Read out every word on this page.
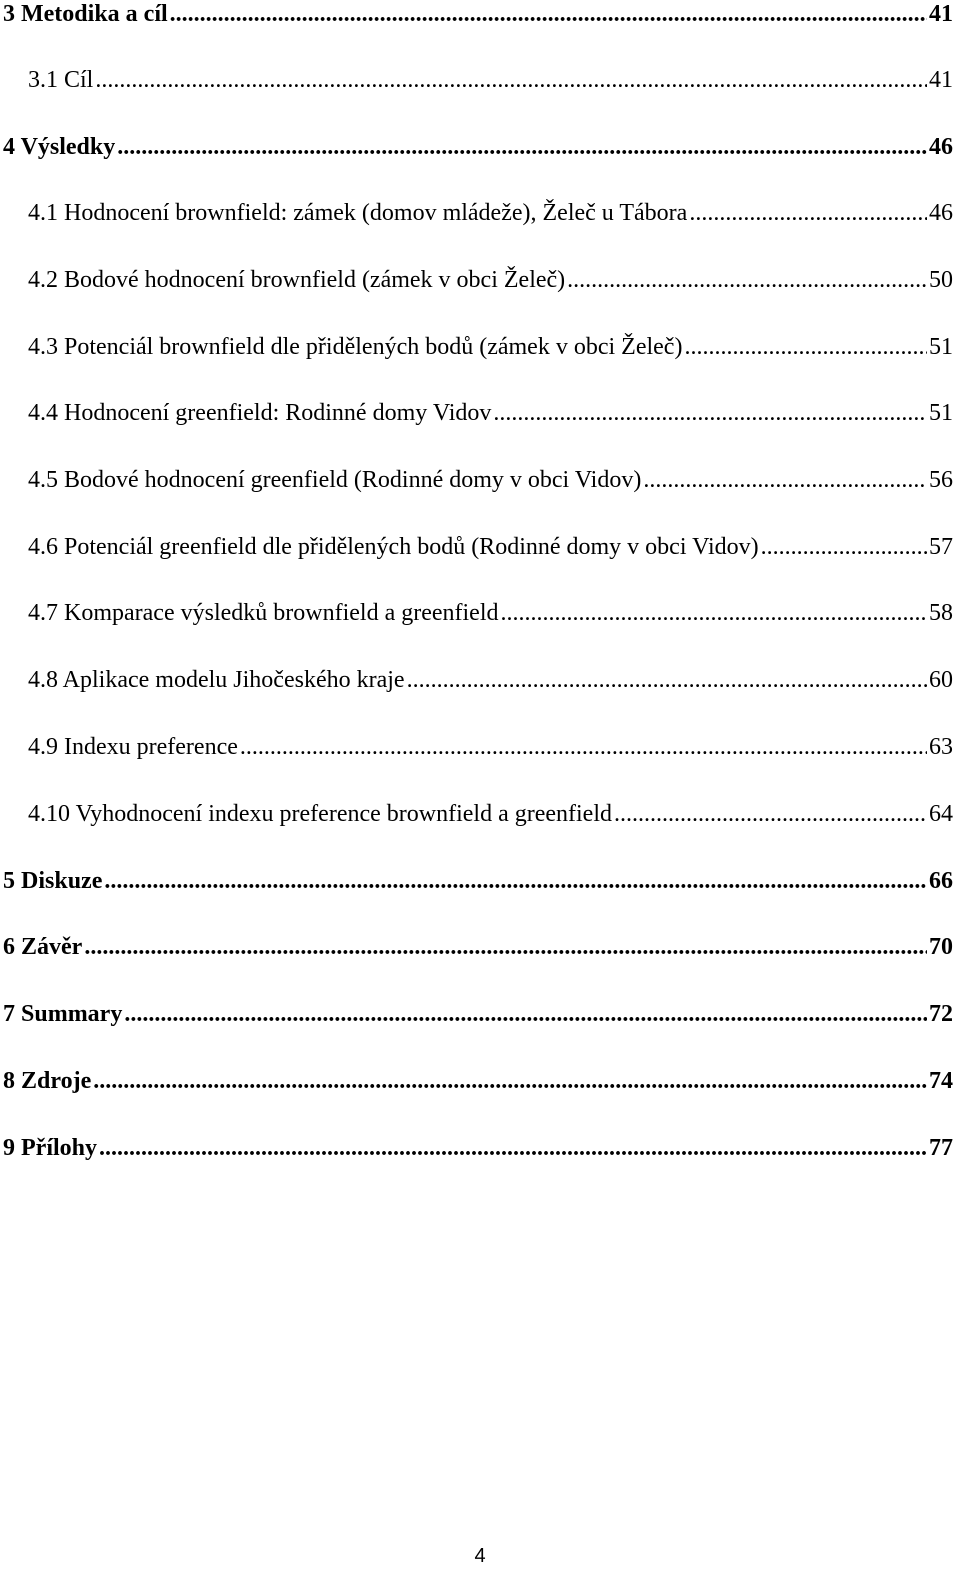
3 Metodika a cíl .....	41
3.1 Cíl .....	41
4 Výsledky .....	46
4.1 Hodnocení brownfield: zámek (domov mládeže), Želeč u Tábora .....	46
4.2 Bodové hodnocení brownfield (zámek v obci Želeč) .....	50
4.3 Potenciál brownfield dle přidělených bodů (zámek v obci Želeč) .....	51
4.4 Hodnocení greenfield: Rodinné domy Vidov .....	51
4.5 Bodové hodnocení greenfield (Rodinné domy v obci Vidov) .....	56
4.6 Potenciál greenfield dle přidělených bodů (Rodinné domy v obci Vidov) .....	57
4.7 Komparace výsledků brownfield a greenfield .....	58
4.8 Aplikace modelu Jihočeského kraje .....	60
4.9 Indexu preference .....	63
4.10 Vyhodnocení indexu preference brownfield a greenfield .....	64
5 Diskuze .....	66
6 Závěr .....	70
7 Summary .....	72
8 Zdroje .....	74
9 Přílohy .....	77
4
